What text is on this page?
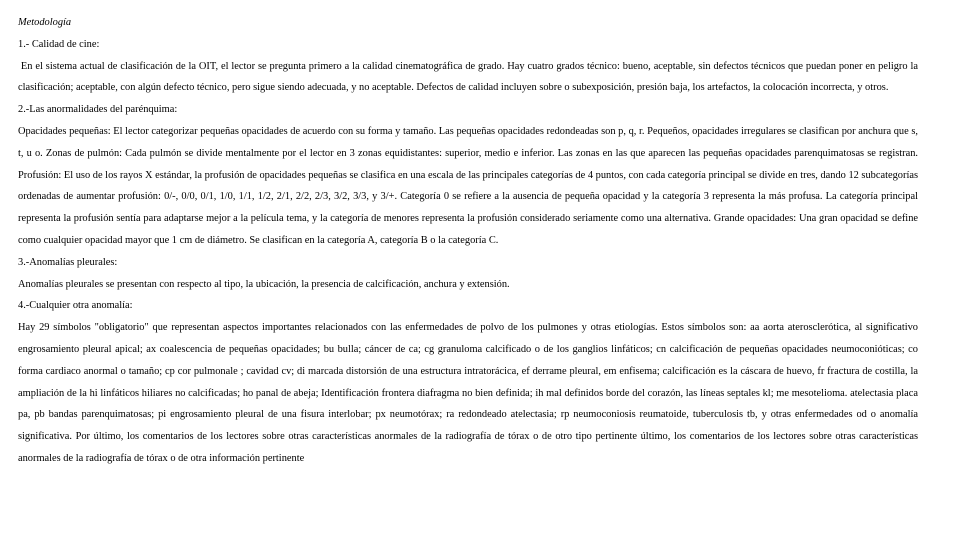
Metodología

1.- Calidad de cine:

En el sistema actual de clasificación de la OIT, el lector se pregunta primero a la calidad cinematográfica de grado. Hay cuatro grados técnico: bueno, aceptable, sin defectos técnicos que puedan poner en peligro la clasificación; aceptable, con algún defecto técnico, pero sigue siendo adecuada, y no aceptable. Defectos de calidad incluyen sobre o subexposición, presión baja, los artefactos, la colocación incorrecta, y otros.

2.-Las anormalidades del parénquima:

Opacidades pequeñas: El lector categorizar pequeñas opacidades de acuerdo con su forma y tamaño. Las pequeñas opacidades redondeadas son p, q, r. Pequeños, opacidades irregulares se clasifican por anchura que s, t, u o. Zonas de pulmón: Cada pulmón se divide mentalmente por el lector en 3 zonas equidistantes: superior, medio e inferior. Las zonas en las que aparecen las pequeñas opacidades parenquimatosas se registran. Profusión: El uso de los rayos X estándar, la profusión de opacidades pequeñas se clasifica en una escala de las principales categorías de 4 puntos, con cada categoría principal se divide en tres, dando 12 subcategorías ordenadas de aumentar profusión: 0/-, 0/0, 0/1, 1/0, 1/1, 1/2, 2/1, 2/2, 2/3, 3/2, 3/3, y 3/+. Categoría 0 se refiere a la ausencia de pequeña opacidad y la categoría 3 representa la más profusa. La categoría principal representa la profusión sentía para adaptarse mejor a la película tema, y la categoría de menores representa la profusión considerado seriamente como una alternativa. Grande opacidades: Una gran opacidad se define como cualquier opacidad mayor que 1 cm de diámetro. Se clasifican en la categoría A, categoría B o la categoría C.

3.-Anomalías pleurales:

Anomalías pleurales se presentan con respecto al tipo, la ubicación, la presencia de calcificación, anchura y extensión.

4.-Cualquier otra anomalía:

Hay 29 símbolos "obligatorio" que representan aspectos importantes relacionados con las enfermedades de polvo de los pulmones y otras etiologías. Estos símbolos son: aa aorta aterosclerótica, al significativo engrosamiento pleural apical; ax coalescencia de pequeñas opacidades; bu bulla; cáncer de ca; cg granuloma calcificado o de los ganglios linfáticos; cn calcificación de pequeñas opacidades neumoconióticas; co forma cardiaco anormal o tamaño; cp cor pulmonale ; cavidad cv; di marcada distorsión de una estructura intratorácica, ef derrame pleural, em enfisema; calcificación es la cáscara de huevo, fr fractura de costilla, la ampliación de la hi linfáticos hiliares no calcificadas; ho panal de abeja; Identificación frontera diafragma no bien definida; ih mal definidos borde del corazón, las líneas septales kl; me mesotelioma. atelectasia placa pa, pb bandas parenquimatosas; pi engrosamiento pleural de una fisura interlobar; px neumotórax; ra redondeado atelectasia; rp neumoconiosis reumatoide, tuberculosis tb, y otras enfermedades od o anomalía significativa. Por último, los comentarios de los lectores sobre otras características anormales de la radiografía de tórax o de otro tipo pertinente último, los comentarios de los lectores sobre otras características anormales de la radiografía de tórax o de otra información pertinente
